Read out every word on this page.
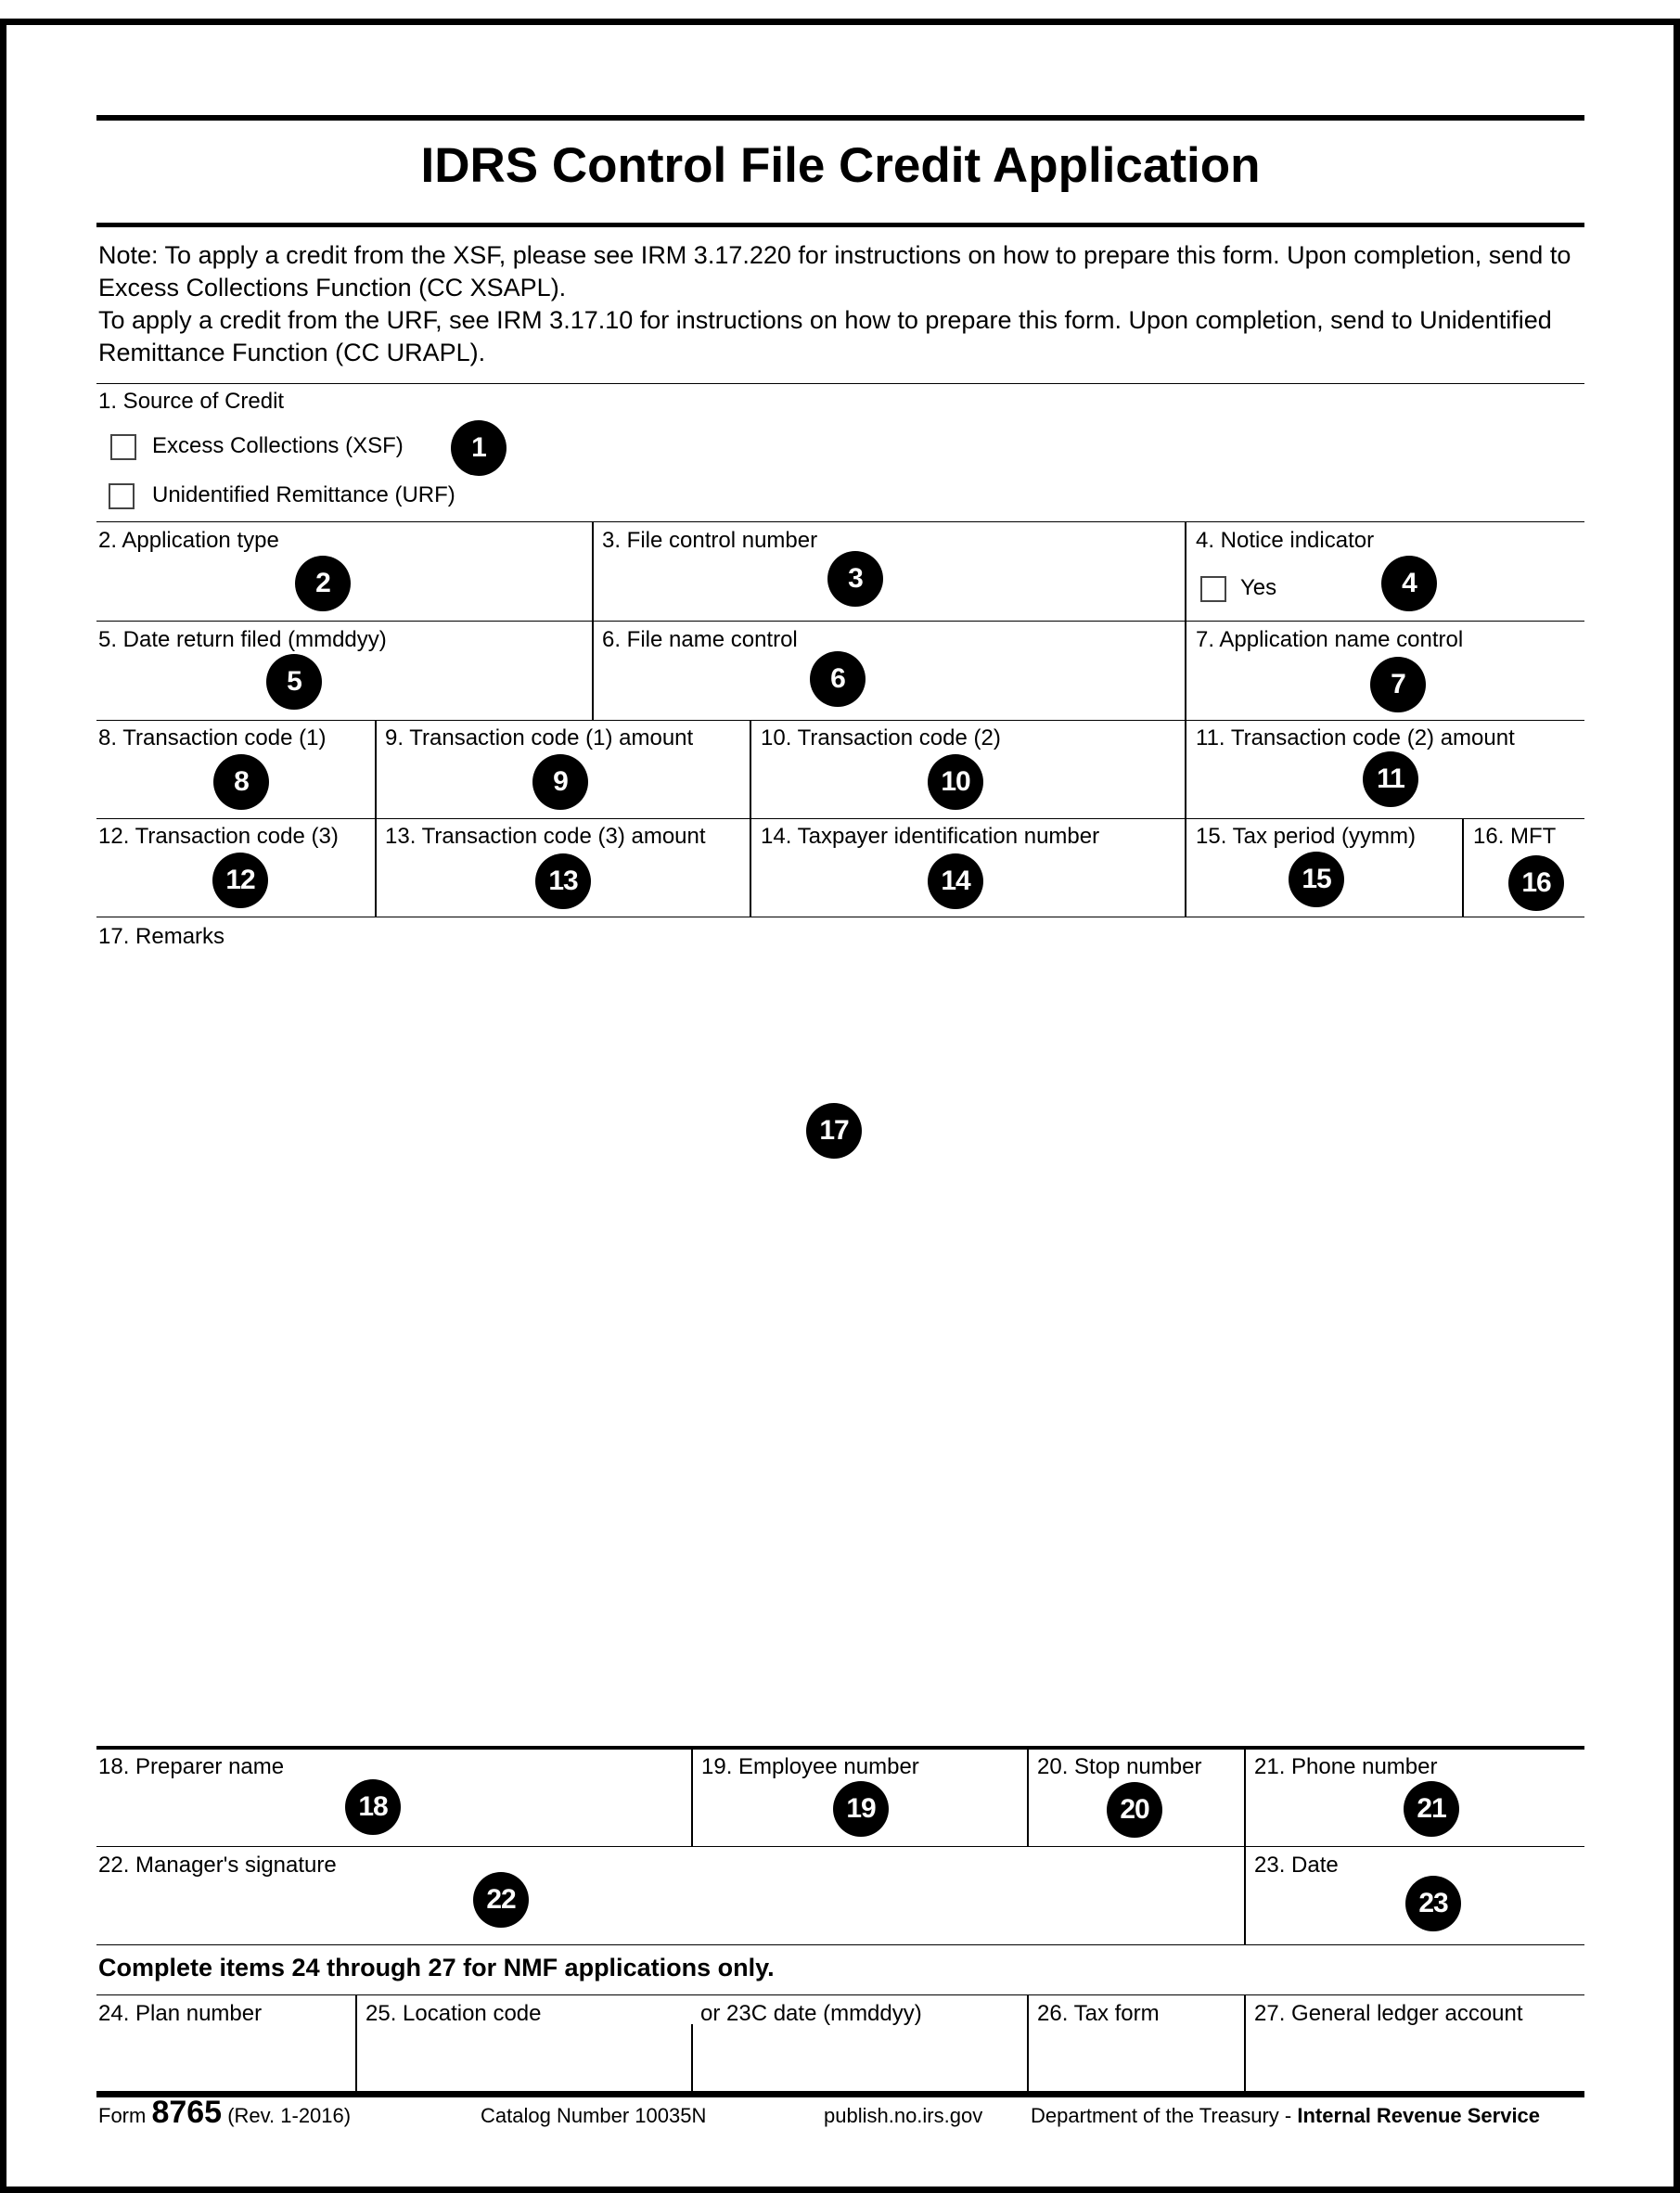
IDRS Control File Credit Application

Note: To apply a credit from the XSF, please see IRM 3.17.220 for instructions on how to prepare this form. Upon completion, send to Excess Collections Function (CC XSAPL).

To apply a credit from the URF, see IRM 3.17.10 for instructions on how to prepare this form. Upon completion, send to Unidentified Remittance Function (CC URAPL).

1. Source of Credit
Excess Collections (XSF)	1
Unidentified Remittance (URF)
2. Application type
2
3. File control number
3
4. Notice indicator
Yes	4
5. Date return filed (mmddyy)
5
6. File name control
6
7. Application name control
7
8. Transaction code (1)
8
9. Transaction code (1) amount
9
10. Transaction code (2)
10
11. Transaction code (2) amount
11
12. Transaction code (3)
12
13. Transaction code (3) amount
13
14. Taxpayer identification number
14
15. Tax period (yymm)
15
16. MFT
16
17. Remarks
17
18. Preparer name
18
19. Employee number
19
20. Stop number
20
21. Phone number
21
22. Manager's signature
22
23. Date
23
Complete items 24 through 27 for NMF applications only.
24. Plan number	25. Location code	or 23C date (mmddyy)	26. Tax form	27. General ledger account
Form 8765 (Rev. 1-2016)	Catalog Number 10035N	publish.no.irs.gov Department of the Treasury - Internal Revenue Service
